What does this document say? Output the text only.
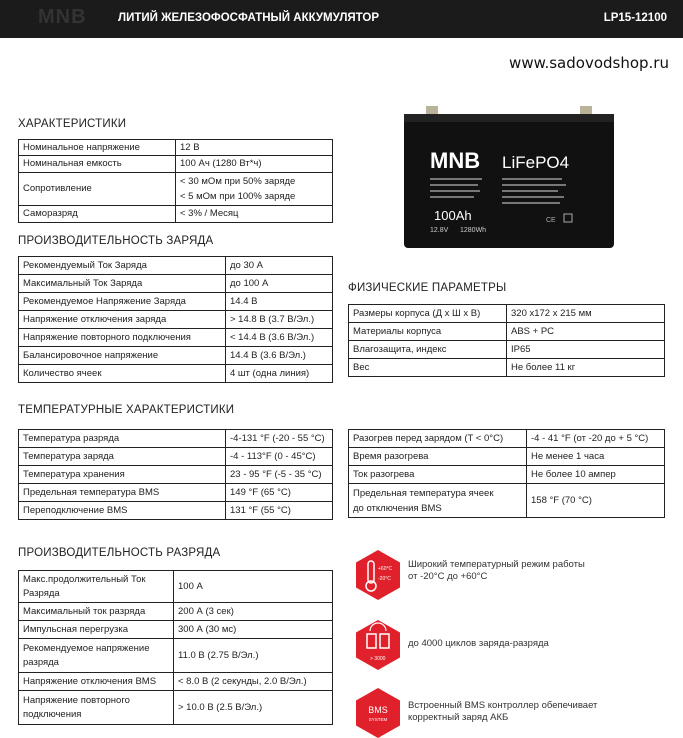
MNB	ЛИТИЙ ЖЕЛЕЗОФОСФАТНЫЙ АККУМУЛЯТОР	LP15-12100
www.sadovodshop.ru
ХАРАКТЕРИСТИКИ
Номинальное напряжение	12 В
Номинальная емкость	100 Ач (1280 Вт*ч)
Сопротивление	< 30 мОм при 50% заряде
< 5 мОм при 100% заряде

Саморазряд	< 3% / Месяц
MNB LiFePO4
100Ah
12.8V 1280Wh
CE
ПРОИЗВОДИТЕЛЬНОСТЬ ЗАРЯДА
Рекомендуемый Ток Заряда	до 30 А
Максимальный Ток Заряда	до 100 А
Рекомендуемое Напряжение Заряда	14.4 В
Напряжение отключения заряда	> 14.8 В (3.7 В/Эл.)
Напряжение повторного подключения	< 14.4 В (3.6 В/Эл.)
Балансировочное напряжение	14.4 В (3.6 В/Эл.)
Количество ячеек	4 шт (одна линия)
ФИЗИЧЕСКИЕ ПАРАМЕТРЫ
Размеры корпуса (Д х Ш х В)	320 х172 х 215 мм
Материалы корпуса	ABS + PC
Влагозащита, индекс	IP65
Вес	Не более 11 кг
ТЕМПЕРАТУРНЫЕ ХАРАКТЕРИСТИКИ
Температура разряда	-4-131 °F (-20 - 55 °C)
Температура заряда	-4 - 113°F (0 - 45°C)
Температура хранения	23 - 95 °F (-5 - 35 °C)
Предельная температура BMS	149 °F (65 °C)
Переподключение BMS	131 °F (55 °C)
Разогрев перед зарядом (T < 0°C)	-4 - 41 °F (от -20 до + 5 °C)
Время разогрева	Не менее 1 часа
Ток разогрева	Не более 10 ампер

Предельная температура ячеек
до отключения BMS	158 °F (70 °C)
ПРОИЗВОДИТЕЛЬНОСТЬ РАЗРЯДА
Макс.продолжительный Ток
Разряда	100 А
Максимальный ток разряда	200 А (3 сек)
Импульсная перегрузка	300 А (30 мс)

Рекомендуемое напряжение
разряда	11.0 В (2.75 В/Эл.)
Напряжение отключения BMS	< 8.0 В (2 секунды, 2.0 В/Эл.)

Напряжение повторного
подключения	> 10.0 В (2.5 В/Эл.)
+60°C
-20°C
Широкий температурный режим работы
от -20°С до +60°С
> 3000
до 4000 циклов заряда-разряда
BMS
SYSTEM
Встроенный BMS контроллер обепечивает
корректный заряд АКБ
